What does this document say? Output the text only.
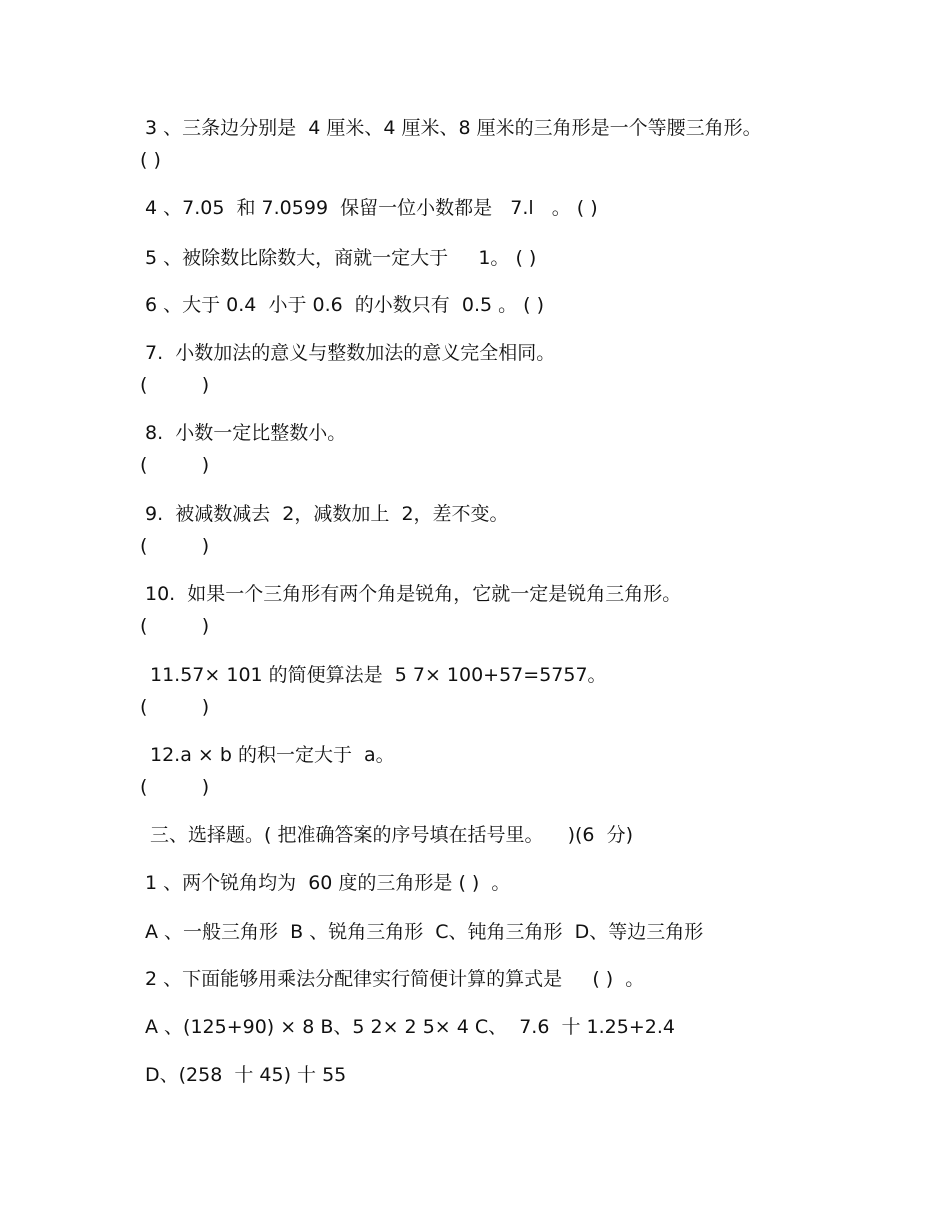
3 、三条边分别是  4 厘米、4 厘米、8 厘米的三角形是一个等腰三角形。
( )
4 、7.05  和 7.0599  保留一位小数都是   7.l   。 ( )
5 、被除数比除数大，商就一定大于     1。 ( )
6 、大于 0.4  小于 0.6  的小数只有  0.5 。 ( )
7.  小数加法的意义与整数加法的意义完全相同。
(         )
8.  小数一定比整数小。
(         )
9.  被减数减去  2，减数加上  2，差不变。
(         )
10.  如果一个三角形有两个角是锐角，它就一定是锐角三角形。
(         )
11.57× 101 的简便算法是  5 7× 100+57=5757。
(         )
12.a × b 的积一定大于  a。
(         )
三、选择题。( 把准确答案的序号填在括号里。    )(6  分)
1 、两个锐角均为  60 度的三角形是 ( )  。
A 、一般三角形  B 、锐角三角形  C、钝角三角形  D、等边三角形
2 、下面能够用乘法分配律实行简便计算的算式是     ( )  。
A 、(125+90) × 8 B、5 2× 2 5× 4 C、  7.6  十 1.25+2.4
D、(258  十 45) 十 55
